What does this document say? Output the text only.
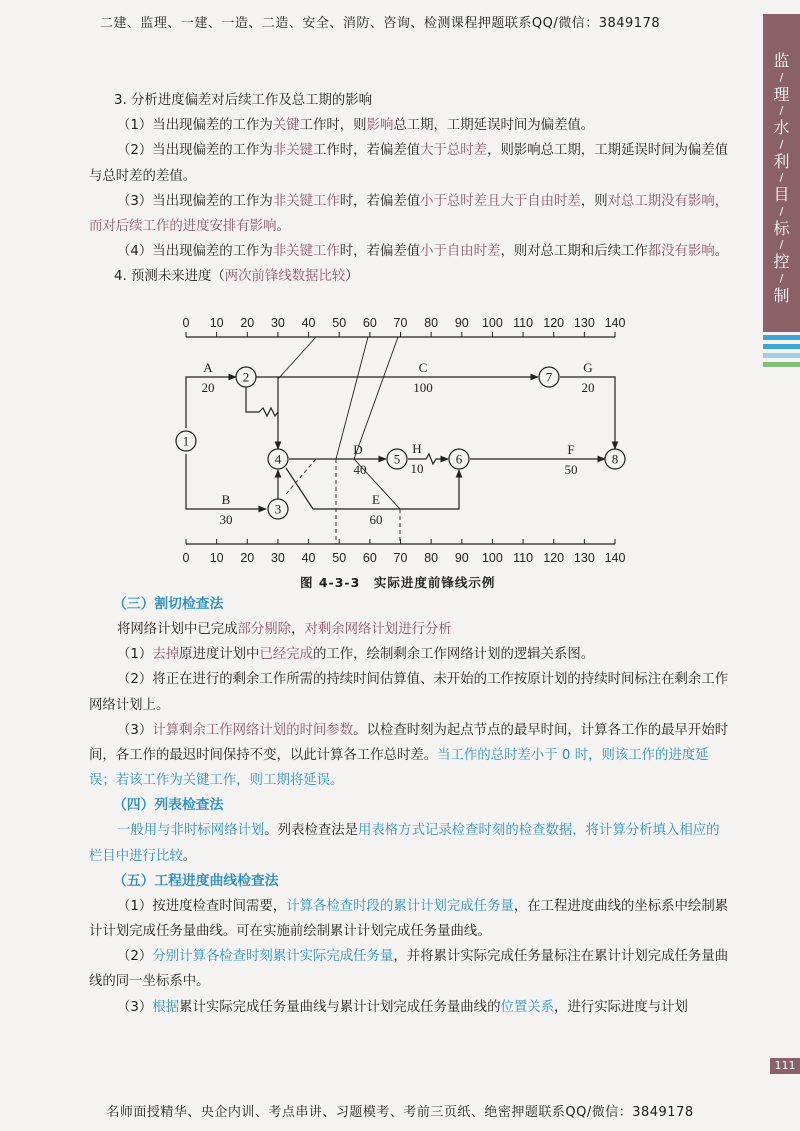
二建、监理、一建、一造、二造、安全、消防、咨询、检测课程押题联系QQ/微信：3849178
监
/
理
/
水
/
利
/
目
/
标
/
控
/
制

3. 分析进度偏差对后续工作及总工期的影响

（1）当出现偏差的工作为关键工作时，则影响总工期，工期延误时间为偏差值。

（2）当出现偏差的工作为非关键工作时，若偏差值大于总时差，则影响总工期，工期延误时间为偏差值与总时差的差值。

（3）当出现偏差的工作为非关键工作时，若偏差值小于总时差且大于自由时差，则对总工期没有影响，而对后续工作的进度安排有影响。

（4）当出现偏差的工作为非关键工作时，若偏差值小于自由时差，则对总工期和后续工作都没有影响。

4. 预测未来进度（两次前锋线数据比较）

0 10 20 30 40 50 60 70 80 90 100 110 120 130 140
0 10 20 30 40 50 60 70 80 90 100 110 120 130 140
1
2
3
4	5	6
7
8
A
20
B
30
C
100
D
40
E
60
F
50
G
20
H
10
图 4-3-3　实际进度前锋线示例

（三）割切检查法

将网络计划中已完成部分剔除，对剩余网络计划进行分析

（1）去掉原进度计划中已经完成的工作，绘制剩余工作网络计划的逻辑关系图。

（2）将正在进行的剩余工作所需的持续时间估算值、未开始的工作按原计划的持续时间标注在剩余工作网络计划上。

（3）计算剩余工作网络计划的时间参数。以检查时刻为起点节点的最早时间，计算各工作的最早开始时间，各工作的最迟时间保持不变，以此计算各工作总时差。当工作的总时差小于 0 时，则该工作的进度延误；若该工作为关键工作，则工期将延误。

（四）列表检查法

一般用与非时标网络计划。列表检查法是用表格方式记录检查时刻的检查数据，将计算分析填入相应的栏目中进行比较。

（五）工程进度曲线检查法

（1）按进度检查时间需要，计算各检查时段的累计计划完成任务量，在工程进度曲线的坐标系中绘制累计计划完成任务量曲线。可在实施前绘制累计计划完成任务量曲线。

（2）分别计算各检查时刻累计实际完成任务量，并将累计实际完成任务量标注在累计计划完成任务量曲线的同一坐标系中。

（3）根据累计实际完成任务量曲线与累计计划完成任务量曲线的位置关系，进行实际进度与计划

111
名师面授精华、央企内训、考点串讲、习题模考、考前三页纸、绝密押题联系QQ/微信：3849178
